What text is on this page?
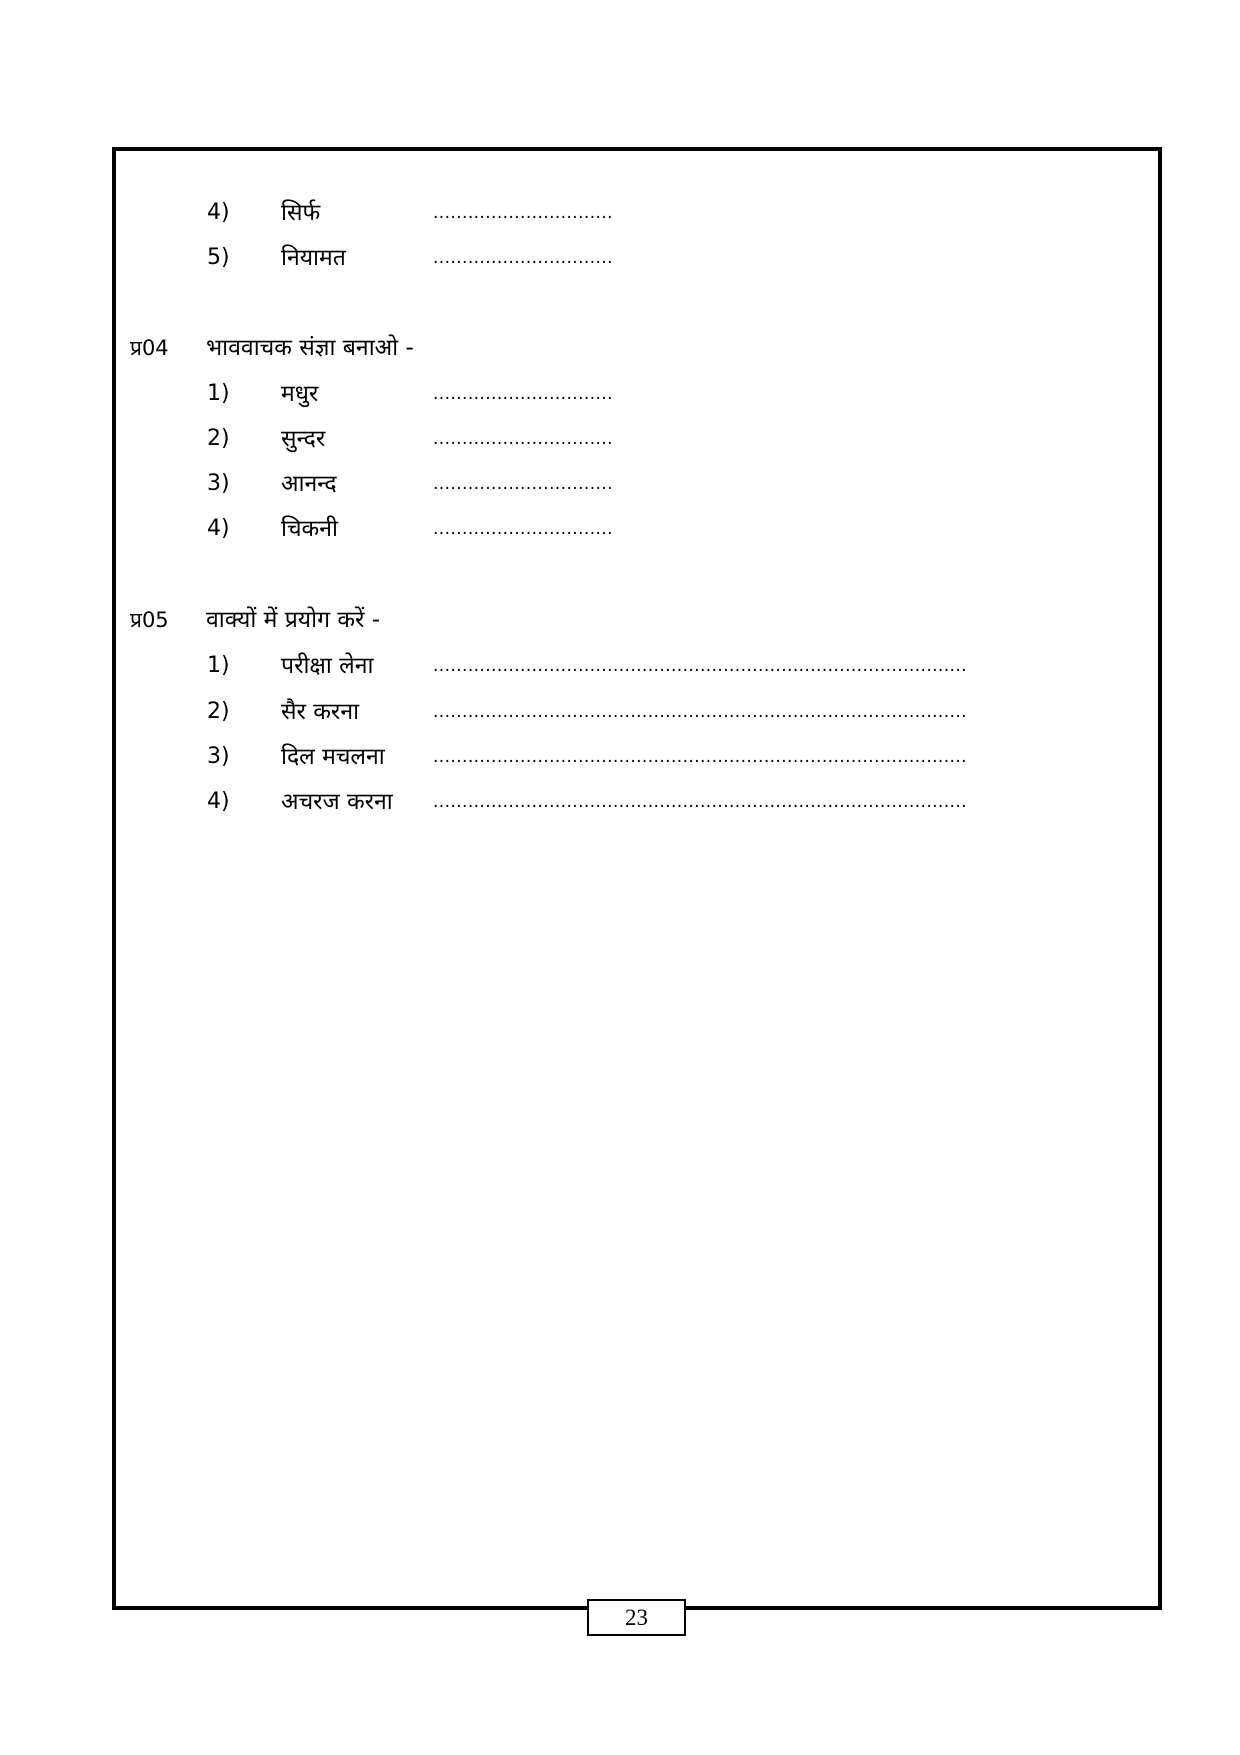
4) सिर्फ	...............................
5) नियामत	...............................
प्र04 भाववाचक संज्ञा बनाओ -
1) मधुर	...............................
2) सुन्दर	...............................
3) आनन्द	...............................
4) चिकनी	...............................
प्र05 वाक्यों में प्रयोग करें -
1) परीक्षा लेना	............................................................................................
2) सैर करना	............................................................................................
3) दिल मचलना	............................................................................................
4) अचरज करना ............................................................................................
23
